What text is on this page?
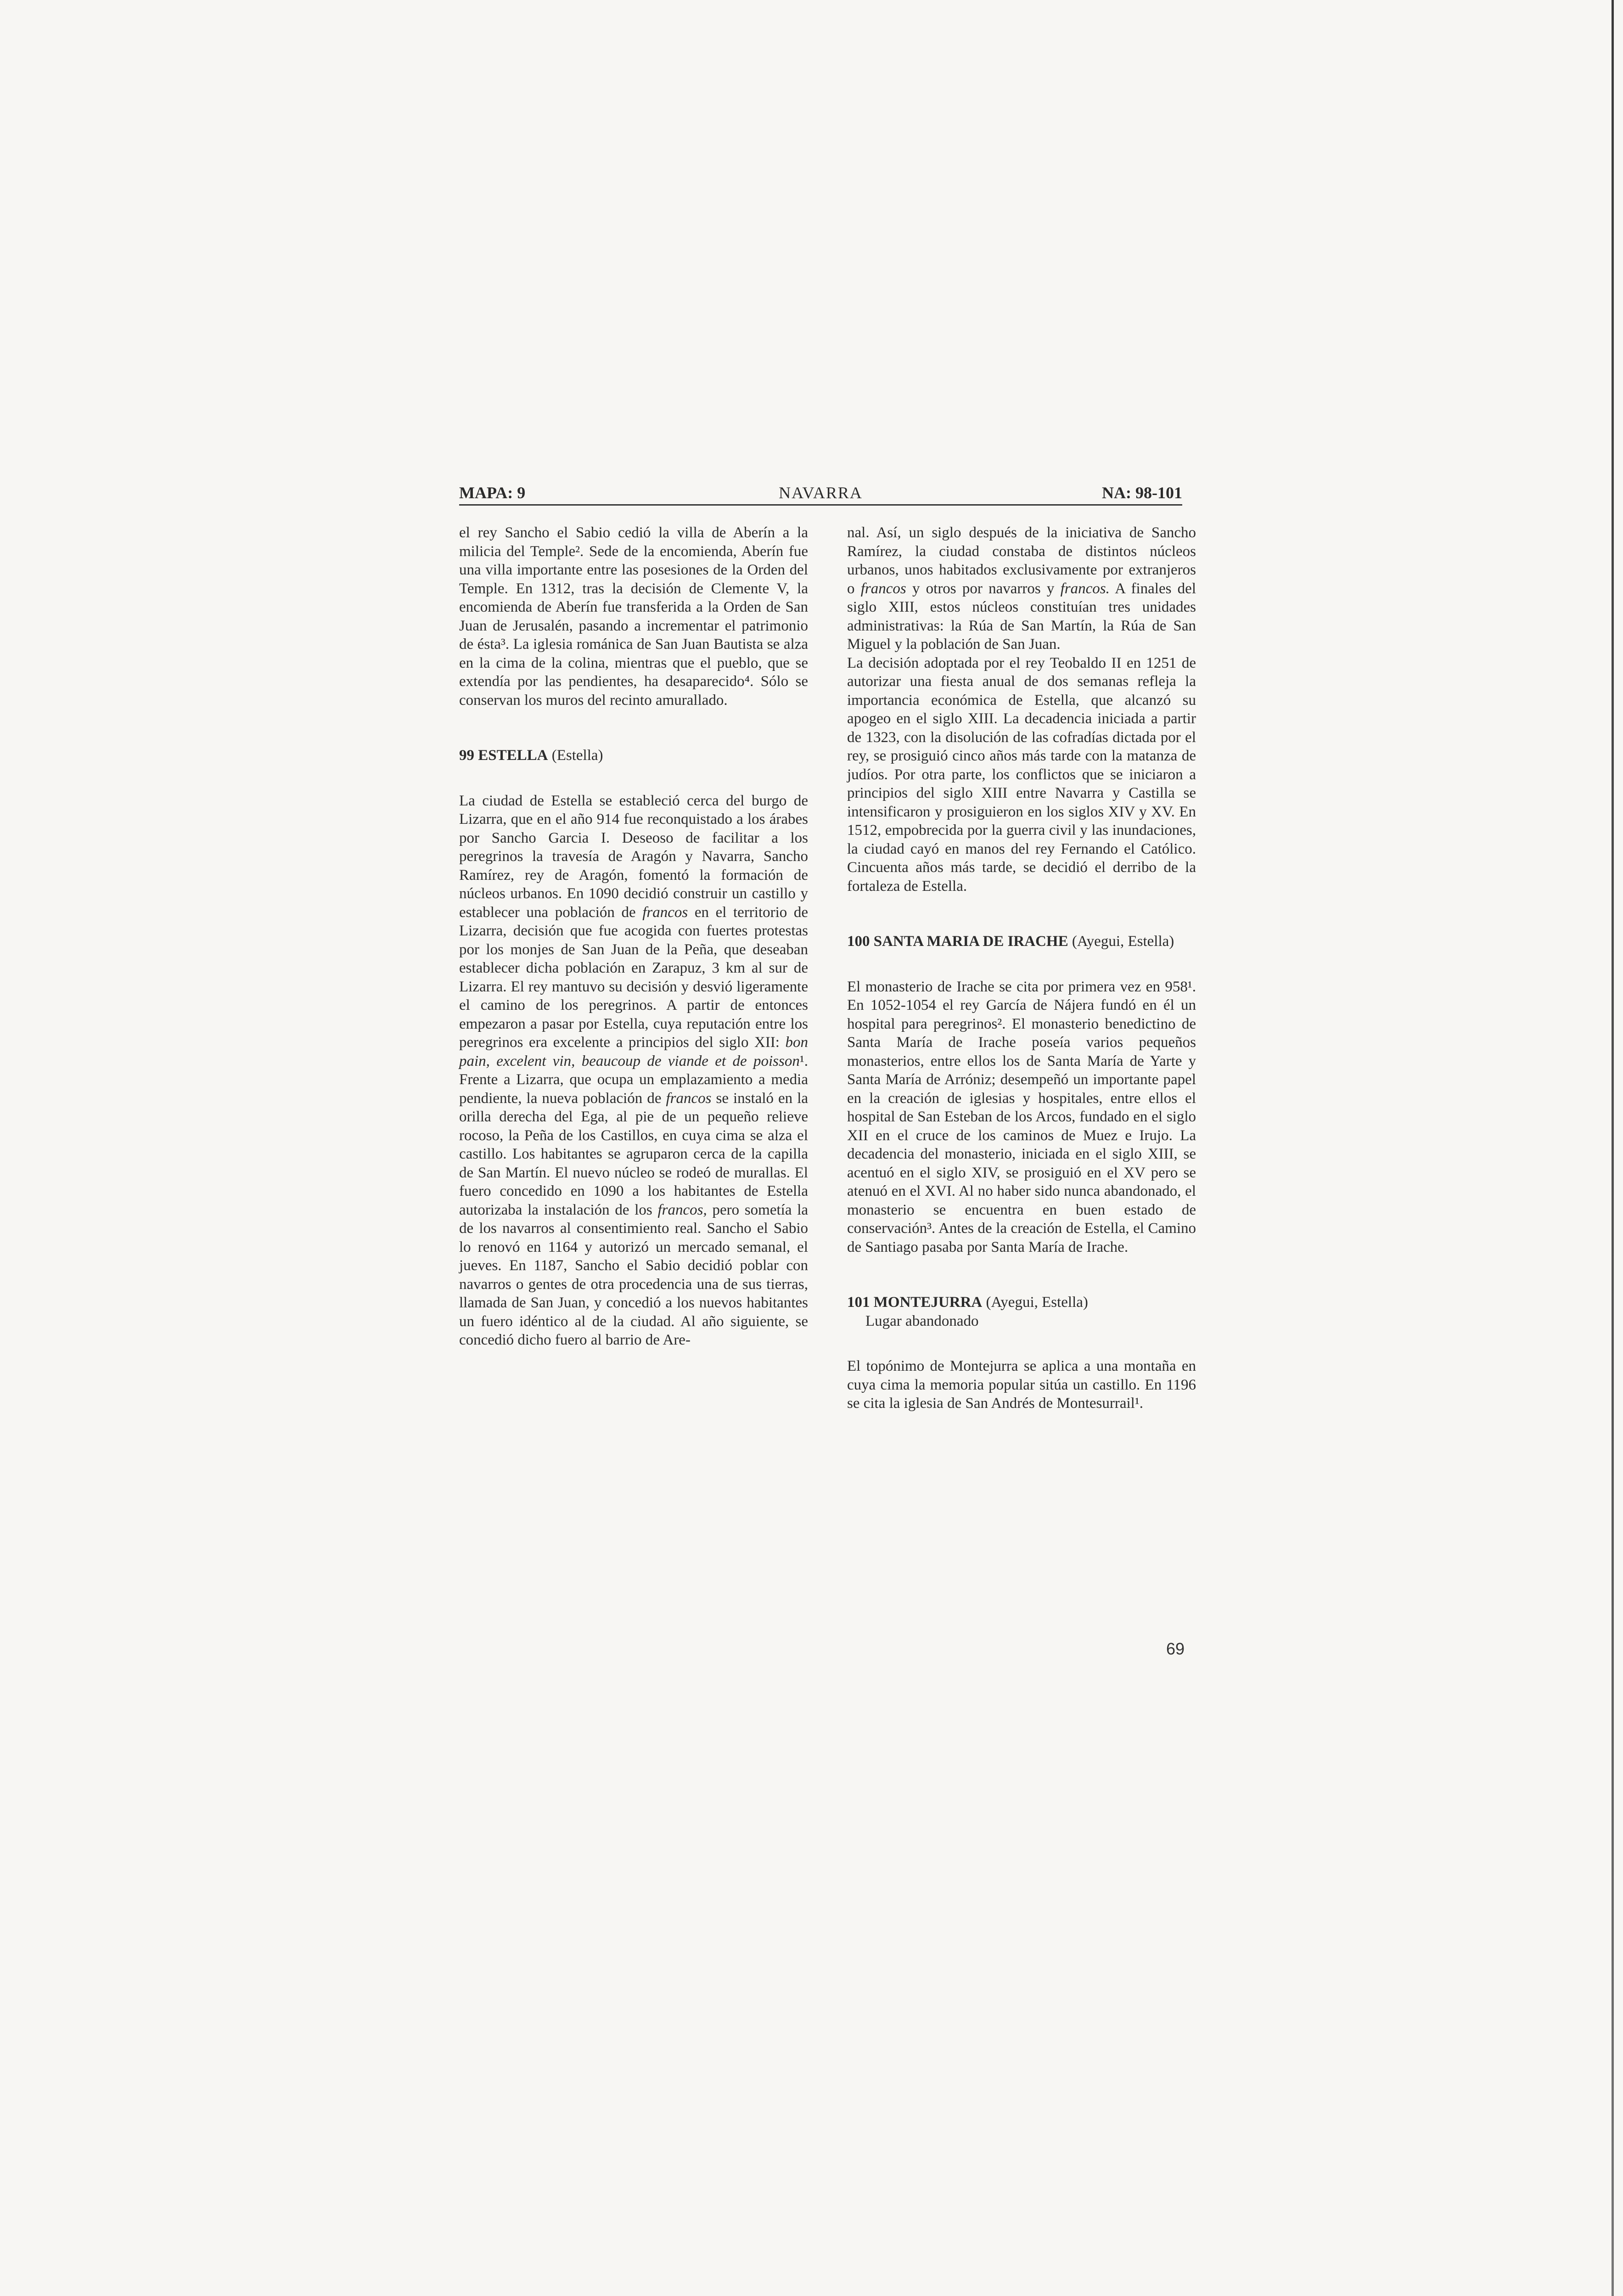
NAVARRA
MAPA: 9	NA: 98-101

el rey Sancho el Sabio cedió la villa de Aberín a la milicia del Temple². Sede de la encomienda, Aberín fue una villa importante entre las posesiones de la Orden del Temple. En 1312, tras la decisión de Clemente V, la encomienda de Aberín fue transferida a la Orden de San Juan de Jerusalén, pasando a incrementar el patrimonio de ésta³. La iglesia románica de San Juan Bautista se alza en la cima de la colina, mientras que el pueblo, que se extendía por las pendientes, ha desaparecido⁴. Sólo se conservan los muros del recinto amurallado.

99 ESTELLA (Estella)

La ciudad de Estella se estableció cerca del burgo de Lizarra, que en el año 914 fue reconquistado a los árabes por Sancho Garcia I. Deseoso de facilitar a los peregrinos la travesía de Aragón y Navarra, Sancho Ramírez, rey de Aragón, fomentó la formación de núcleos urbanos. En 1090 decidió construir un castillo y establecer una población de francos en el territorio de Lizarra, decisión que fue acogida con fuertes protestas por los monjes de San Juan de la Peña, que deseaban establecer dicha población en Zarapuz, 3 km al sur de Lizarra. El rey mantuvo su decisión y desvió ligeramente el camino de los peregrinos. A partir de entonces empezaron a pasar por Estella, cuya reputación entre los peregrinos era excelente a principios del siglo XII: bon pain, excelent vin, beaucoup de viande et de poisson¹. Frente a Lizarra, que ocupa un emplazamiento a media pendiente, la nueva población de francos se instaló en la orilla derecha del Ega, al pie de un pequeño relieve rocoso, la Peña de los Castillos, en cuya cima se alza el castillo. Los habitantes se agruparon cerca de la capilla de San Martín. El nuevo núcleo se rodeó de murallas. El fuero concedido en 1090 a los habitantes de Estella autorizaba la instalación de los francos, pero sometía la de los navarros al consentimiento real. Sancho el Sabio lo renovó en 1164 y autorizó un mercado semanal, el jueves. En 1187, Sancho el Sabio decidió poblar con navarros o gentes de otra procedencia una de sus tierras, llamada de San Juan, y concedió a los nuevos habitantes un fuero idéntico al de la ciudad. Al año siguiente, se concedió dicho fuero al barrio de Are-

nal. Así, un siglo después de la iniciativa de Sancho Ramírez, la ciudad constaba de distintos núcleos urbanos, unos habitados exclusivamente por extranjeros o francos y otros por navarros y francos. A finales del siglo XIII, estos núcleos constituían tres unidades administrativas: la Rúa de San Martín, la Rúa de San Miguel y la población de San Juan.

La decisión adoptada por el rey Teobaldo II en 1251 de autorizar una fiesta anual de dos semanas refleja la importancia económica de Estella, que alcanzó su apogeo en el siglo XIII. La decadencia iniciada a partir de 1323, con la disolución de las cofradías dictada por el rey, se prosiguió cinco años más tarde con la matanza de judíos. Por otra parte, los conflictos que se iniciaron a principios del siglo XIII entre Navarra y Castilla se intensificaron y prosiguieron en los siglos XIV y XV. En 1512, empobrecida por la guerra civil y las inundaciones, la ciudad cayó en manos del rey Fernando el Católico. Cincuenta años más tarde, se decidió el derribo de la fortaleza de Estella.

100 SANTA MARIA DE IRACHE (Ayegui, Estella)

El monasterio de Irache se cita por primera vez en 958¹. En 1052-1054 el rey García de Nájera fundó en él un hospital para peregrinos². El monasterio benedictino de Santa María de Irache poseía varios pequeños monasterios, entre ellos los de Santa María de Yarte y Santa María de Arróniz; desempeñó un importante papel en la creación de iglesias y hospitales, entre ellos el hospital de San Esteban de los Arcos, fundado en el siglo XII en el cruce de los caminos de Muez e Irujo. La decadencia del monasterio, iniciada en el siglo XIII, se acentuó en el siglo XIV, se prosiguió en el XV pero se atenuó en el XVI. Al no haber sido nunca abandonado, el monasterio se encuentra en buen estado de conservación³. Antes de la creación de Estella, el Camino de Santiago pasaba por Santa María de Irache.

101 MONTEJURRA (Ayegui, Estella)
Lugar abandonado

El topónimo de Montejurra se aplica a una montaña en cuya cima la memoria popular sitúa un castillo. En 1196 se cita la iglesia de San Andrés de Montesurrail¹.

69
